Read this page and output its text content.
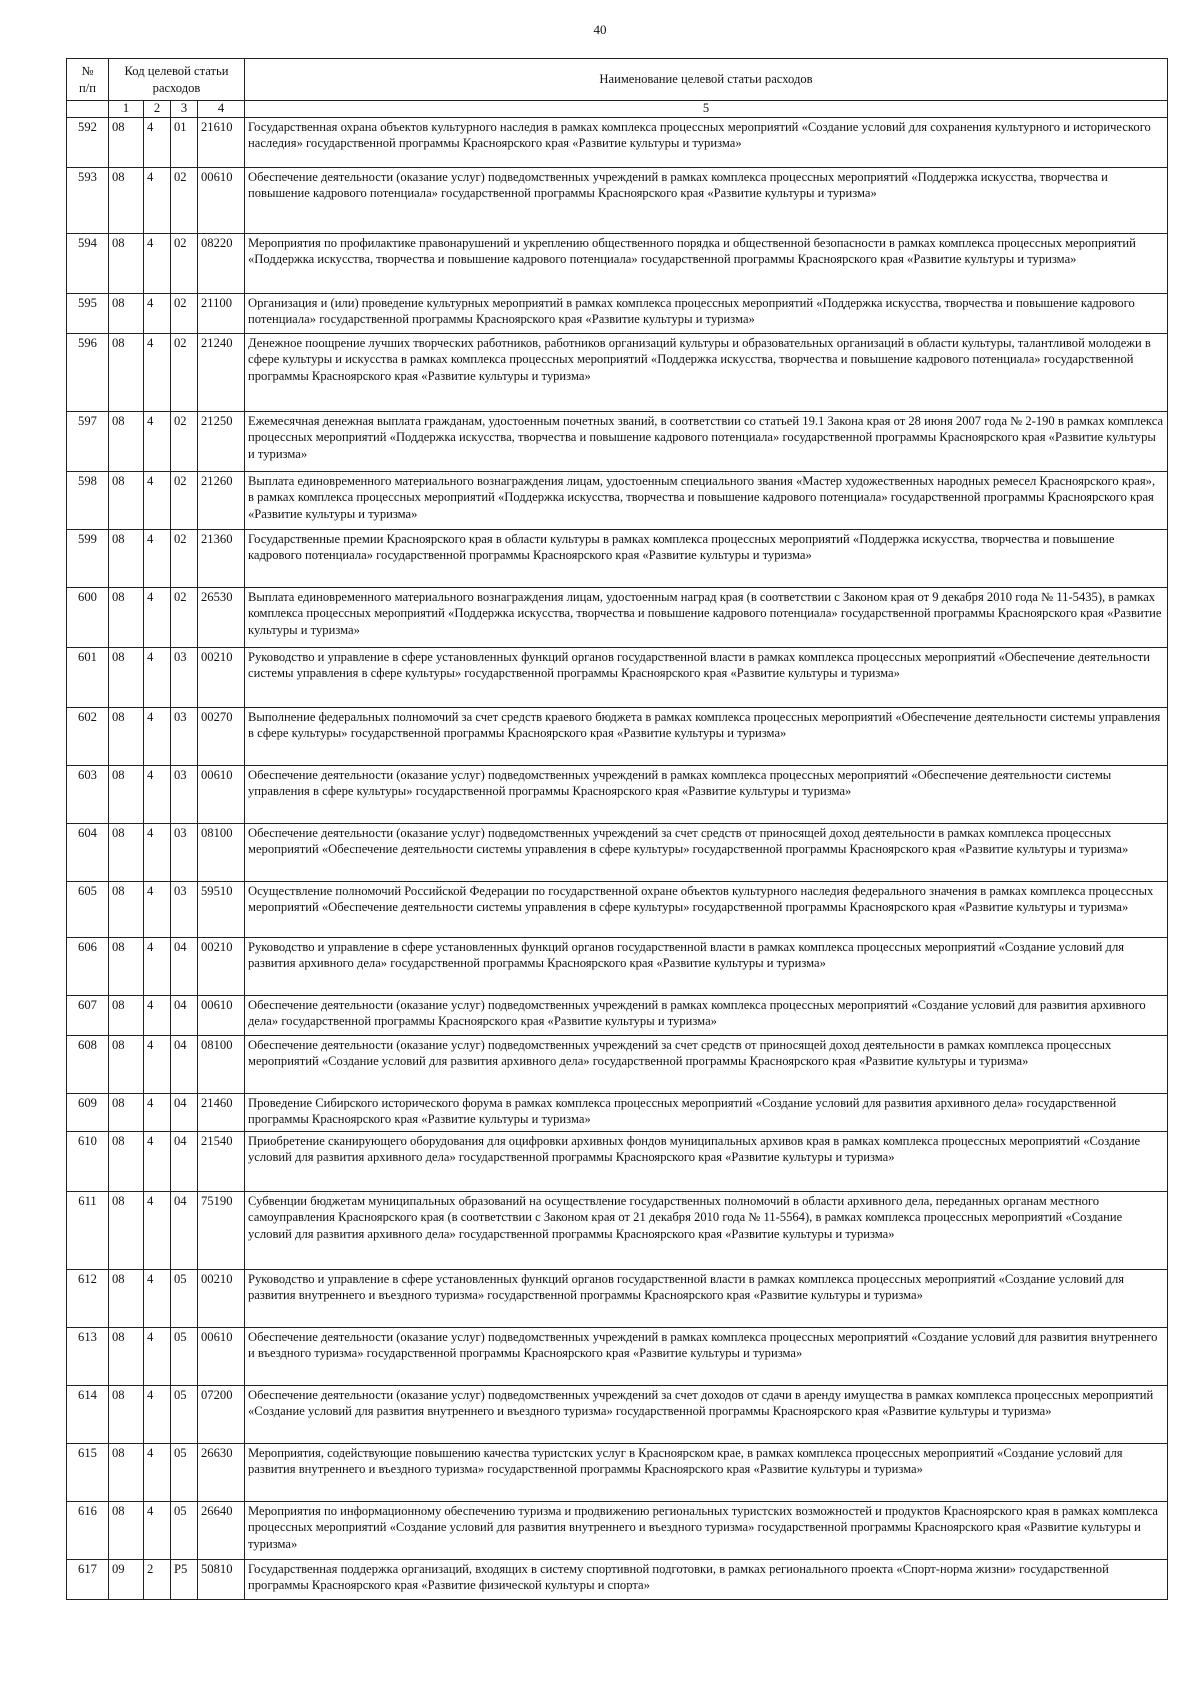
40
№
п/п	Код целевой статьи расходов				Наименование целевой статьи расходов
	1	2	3	4	5
592	08	4	01	21610	Государственная охрана объектов культурного наследия в рамках комплекса процессных мероприятий «Создание условий для сохранения культурного и исторического наследия» государственной программы Красноярского края «Развитие культуры и туризма»
593	08	4	02	00610	Обеспечение деятельности (оказание услуг) подведомственных учреждений в рамках комплекса процессных мероприятий «Поддержка искусства, творчества и повышение кадрового потенциала» государственной программы Красноярского края «Развитие культуры и туризма»
594	08	4	02	08220	Мероприятия по профилактике правонарушений и укреплению общественного порядка и общественной безопасности в рамках комплекса процессных мероприятий «Поддержка искусства, творчества и повышение кадрового потенциала» государственной программы Красноярского края «Развитие культуры и туризма»
595	08	4	02	21100	Организация и (или) проведение культурных мероприятий в рамках комплекса процессных мероприятий «Поддержка искусства, творчества и повышение кадрового потенциала» государственной программы Красноярского края «Развитие культуры и туризма»
596	08	4	02	21240	Денежное поощрение лучших творческих работников, работников организаций культуры и образовательных организаций в области культуры, талантливой молодежи в сфере культуры и искусства в рамках комплекса процессных мероприятий «Поддержка искусства, творчества и повышение кадрового потенциала» государственной программы Красноярского края «Развитие культуры и туризма»
597	08	4	02	21250	Ежемесячная денежная выплата гражданам, удостоенным почетных званий, в соответствии со статьей 19.1 Закона края от 28 июня 2007 года № 2-190 в рамках комплекса процессных мероприятий «Поддержка искусства, творчества и повышение кадрового потенциала» государственной программы Красноярского края «Развитие культуры и туризма»
598	08	4	02	21260	Выплата единовременного материального вознаграждения лицам, удостоенным специального звания «Мастер художественных народных ремесел Красноярского края», в рамках комплекса процессных мероприятий «Поддержка искусства, творчества и повышение кадрового потенциала» государственной программы Красноярского края «Развитие культуры и туризма»
599	08	4	02	21360	Государственные премии Красноярского края в области культуры в рамках комплекса процессных мероприятий «Поддержка искусства, творчества и повышение кадрового потенциала» государственной программы Красноярского края «Развитие культуры и туризма»
600	08	4	02	26530	Выплата единовременного материального вознаграждения лицам, удостоенным наград края (в соответствии с Законом края от 9 декабря 2010 года № 11-5435), в рамках комплекса процессных мероприятий «Поддержка искусства, творчества и повышение кадрового потенциала» государственной программы Красноярского края «Развитие культуры и туризма»
601	08	4	03	00210	Руководство и управление в сфере установленных функций органов государственной власти в рамках комплекса процессных мероприятий «Обеспечение деятельности системы управления в сфере культуры» государственной программы Красноярского края «Развитие культуры и туризма»
602	08	4	03	00270	Выполнение федеральных полномочий за счет средств краевого бюджета в рамках комплекса процессных мероприятий «Обеспечение деятельности системы управления в сфере культуры» государственной программы Красноярского края «Развитие культуры и туризма»
603	08	4	03	00610	Обеспечение деятельности (оказание услуг) подведомственных учреждений в рамках комплекса процессных мероприятий «Обеспечение деятельности системы управления в сфере культуры» государственной программы Красноярского края «Развитие культуры и туризма»
604	08	4	03	08100	Обеспечение деятельности (оказание услуг) подведомственных учреждений за счет средств от приносящей доход деятельности в рамках комплекса процессных мероприятий «Обеспечение деятельности системы управления в сфере культуры» государственной программы Красноярского края «Развитие культуры и туризма»
605	08	4	03	59510	Осуществление полномочий Российской Федерации по государственной охране объектов культурного наследия федерального значения в рамках комплекса процессных мероприятий «Обеспечение деятельности системы управления в сфере культуры» государственной программы Красноярского края «Развитие культуры и туризма»
606	08	4	04	00210	Руководство и управление в сфере установленных функций органов государственной власти в рамках комплекса процессных мероприятий «Создание условий для развития архивного дела» государственной программы Красноярского края «Развитие культуры и туризма»
607	08	4	04	00610	Обеспечение деятельности (оказание услуг) подведомственных учреждений в рамках комплекса процессных мероприятий «Создание условий для развития архивного дела» государственной программы Красноярского края «Развитие культуры и туризма»
608	08	4	04	08100	Обеспечение деятельности (оказание услуг) подведомственных учреждений за счет средств от приносящей доход деятельности в рамках комплекса процессных мероприятий «Создание условий для развития архивного дела» государственной программы Красноярского края «Развитие культуры и туризма»
609	08	4	04	21460	Проведение Сибирского исторического форума в рамках комплекса процессных мероприятий «Создание условий для развития архивного дела» государственной программы Красноярского края «Развитие культуры и туризма»
610	08	4	04	21540	Приобретение сканирующего оборудования для оцифровки архивных фондов муниципальных архивов края в рамках комплекса процессных мероприятий «Создание условий для развития архивного дела» государственной программы Красноярского края «Развитие культуры и туризма»
611	08	4	04	75190	Субвенции бюджетам муниципальных образований на осуществление государственных полномочий в области архивного дела, переданных органам местного самоуправления Красноярского края (в соответствии с Законом края от 21 декабря 2010 года № 11-5564), в рамках комплекса процессных мероприятий «Создание условий для развития архивного дела» государственной программы Красноярского края «Развитие культуры и туризма»
612	08	4	05	00210	Руководство и управление в сфере установленных функций органов государственной власти в рамках комплекса процессных мероприятий «Создание условий для развития внутреннего и въездного туризма» государственной программы Красноярского края «Развитие культуры и туризма»
613	08	4	05	00610	Обеспечение деятельности (оказание услуг) подведомственных учреждений в рамках комплекса процессных мероприятий «Создание условий для развития внутреннего и въездного туризма» государственной программы Красноярского края «Развитие культуры и туризма»
614	08	4	05	07200	Обеспечение деятельности (оказание услуг) подведомственных учреждений за счет доходов от сдачи в аренду имущества в рамках комплекса процессных мероприятий «Создание условий для развития внутреннего и въездного туризма» государственной программы Красноярского края «Развитие культуры и туризма»
615	08	4	05	26630	Мероприятия, содействующие повышению качества туристских услуг в Красноярском крае, в рамках комплекса процессных мероприятий «Создание условий для развития внутреннего и въездного туризма» государственной программы Красноярского края «Развитие культуры и туризма»
616	08	4	05	26640	Мероприятия по информационному обеспечению туризма и продвижению региональных туристских возможностей и продуктов Красноярского края в рамках комплекса процессных мероприятий «Создание условий для развития внутреннего и въездного туризма» государственной программы Красноярского края «Развитие культуры и туризма»
617	09	2	Р5	50810	Государственная поддержка организаций, входящих в систему спортивной подготовки, в рамках регионального проекта «Спорт-норма жизни» государственной программы Красноярского края «Развитие физической культуры и спорта»
